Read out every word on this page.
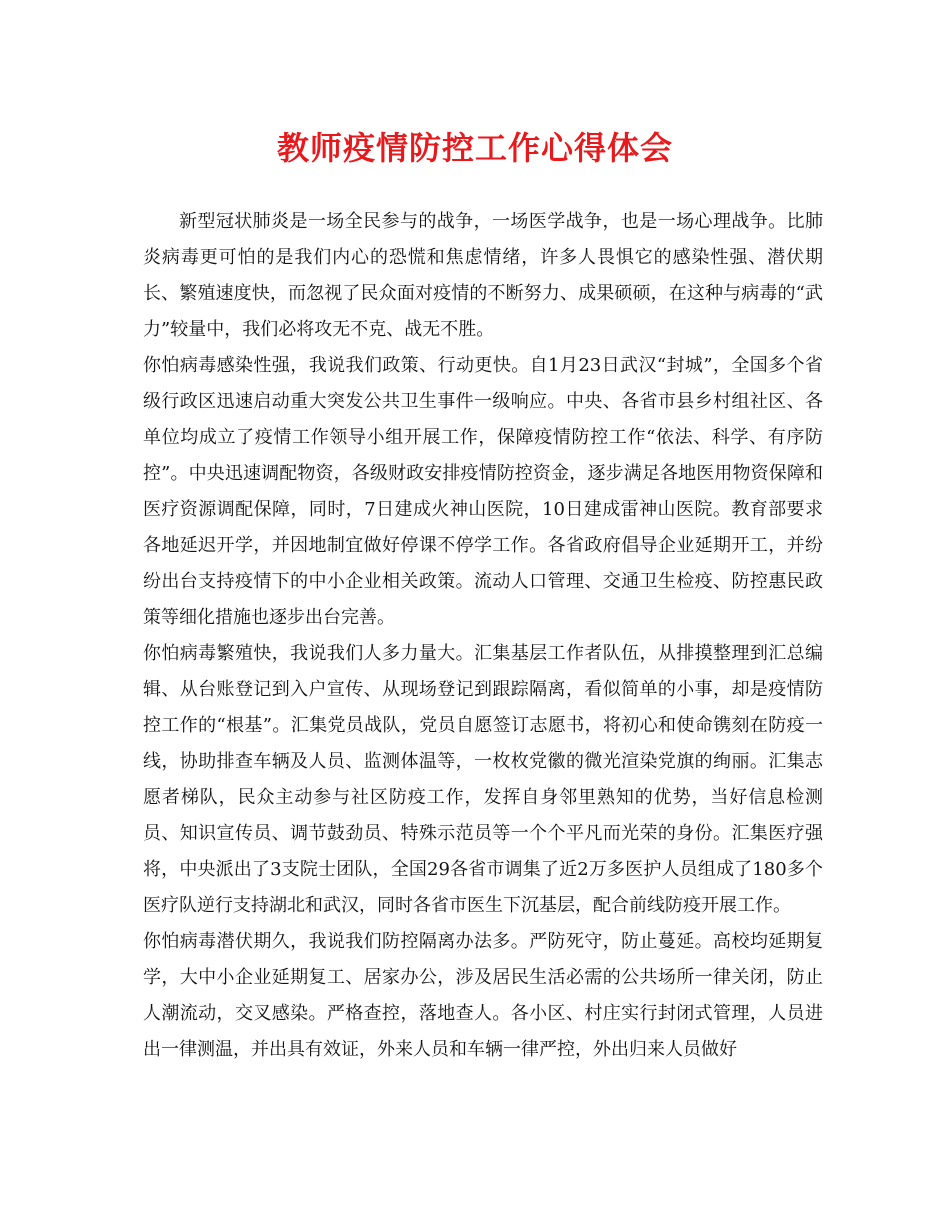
教师疫情防控工作心得体会

新型冠状肺炎是一场全民参与的战争，一场医学战争，也是一场心理战争。比肺炎病毒更可怕的是我们内心的恐慌和焦虑情绪，许多人畏惧它的感染性强、潜伏期长、繁殖速度快，而忽视了民众面对疫情的不断努力、成果硕硕，在这种与病毒的“武力”较量中，我们必将攻无不克、战无不胜。

你怕病毒感染性强，我说我们政策、行动更快。自1月23日武汉“封城”，全国多个省级行政区迅速启动重大突发公共卫生事件一级响应。中央、各省市县乡村组社区、各单位均成立了疫情工作领导小组开展工作，保障疫情防控工作“依法、科学、有序防控”。中央迅速调配物资，各级财政安排疫情防控资金，逐步满足各地医用物资保障和医疗资源调配保障，同时，7日建成火神山医院，10日建成雷神山医院。教育部要求各地延迟开学，并因地制宜做好停课不停学工作。各省政府倡导企业延期开工，并纷纷出台支持疫情下的中小企业相关政策。流动人口管理、交通卫生检疫、防控惠民政策等细化措施也逐步出台完善。

你怕病毒繁殖快，我说我们人多力量大。汇集基层工作者队伍，从排摸整理到汇总编辑、从台账登记到入户宣传、从现场登记到跟踪隔离，看似简单的小事，却是疫情防控工作的“根基”。汇集党员战队，党员自愿签订志愿书，将初心和使命镌刻在防疫一线，协助排查车辆及人员、监测体温等，一枚枚党徽的微光渲染党旗的绚丽。汇集志愿者梯队，民众主动参与社区防疫工作，发挥自身邻里熟知的优势，当好信息检测员、知识宣传员、调节鼓劲员、特殊示范员等一个个平凡而光荣的身份。汇集医疗强将，中央派出了3支院士团队，全国29各省市调集了近2万多医护人员组成了180多个医疗队逆行支持湖北和武汉，同时各省市医生下沉基层，配合前线防疫开展工作。

你怕病毒潜伏期久，我说我们防控隔离办法多。严防死守，防止蔓延。高校均延期复学，大中小企业延期复工、居家办公，涉及居民生活必需的公共场所一律关闭，防止人潮流动，交叉感染。严格查控，落地查人。各小区、村庄实行封闭式管理，人员进出一律测温，并出具有效证，外来人员和车辆一律严控，外出归来人员做好
